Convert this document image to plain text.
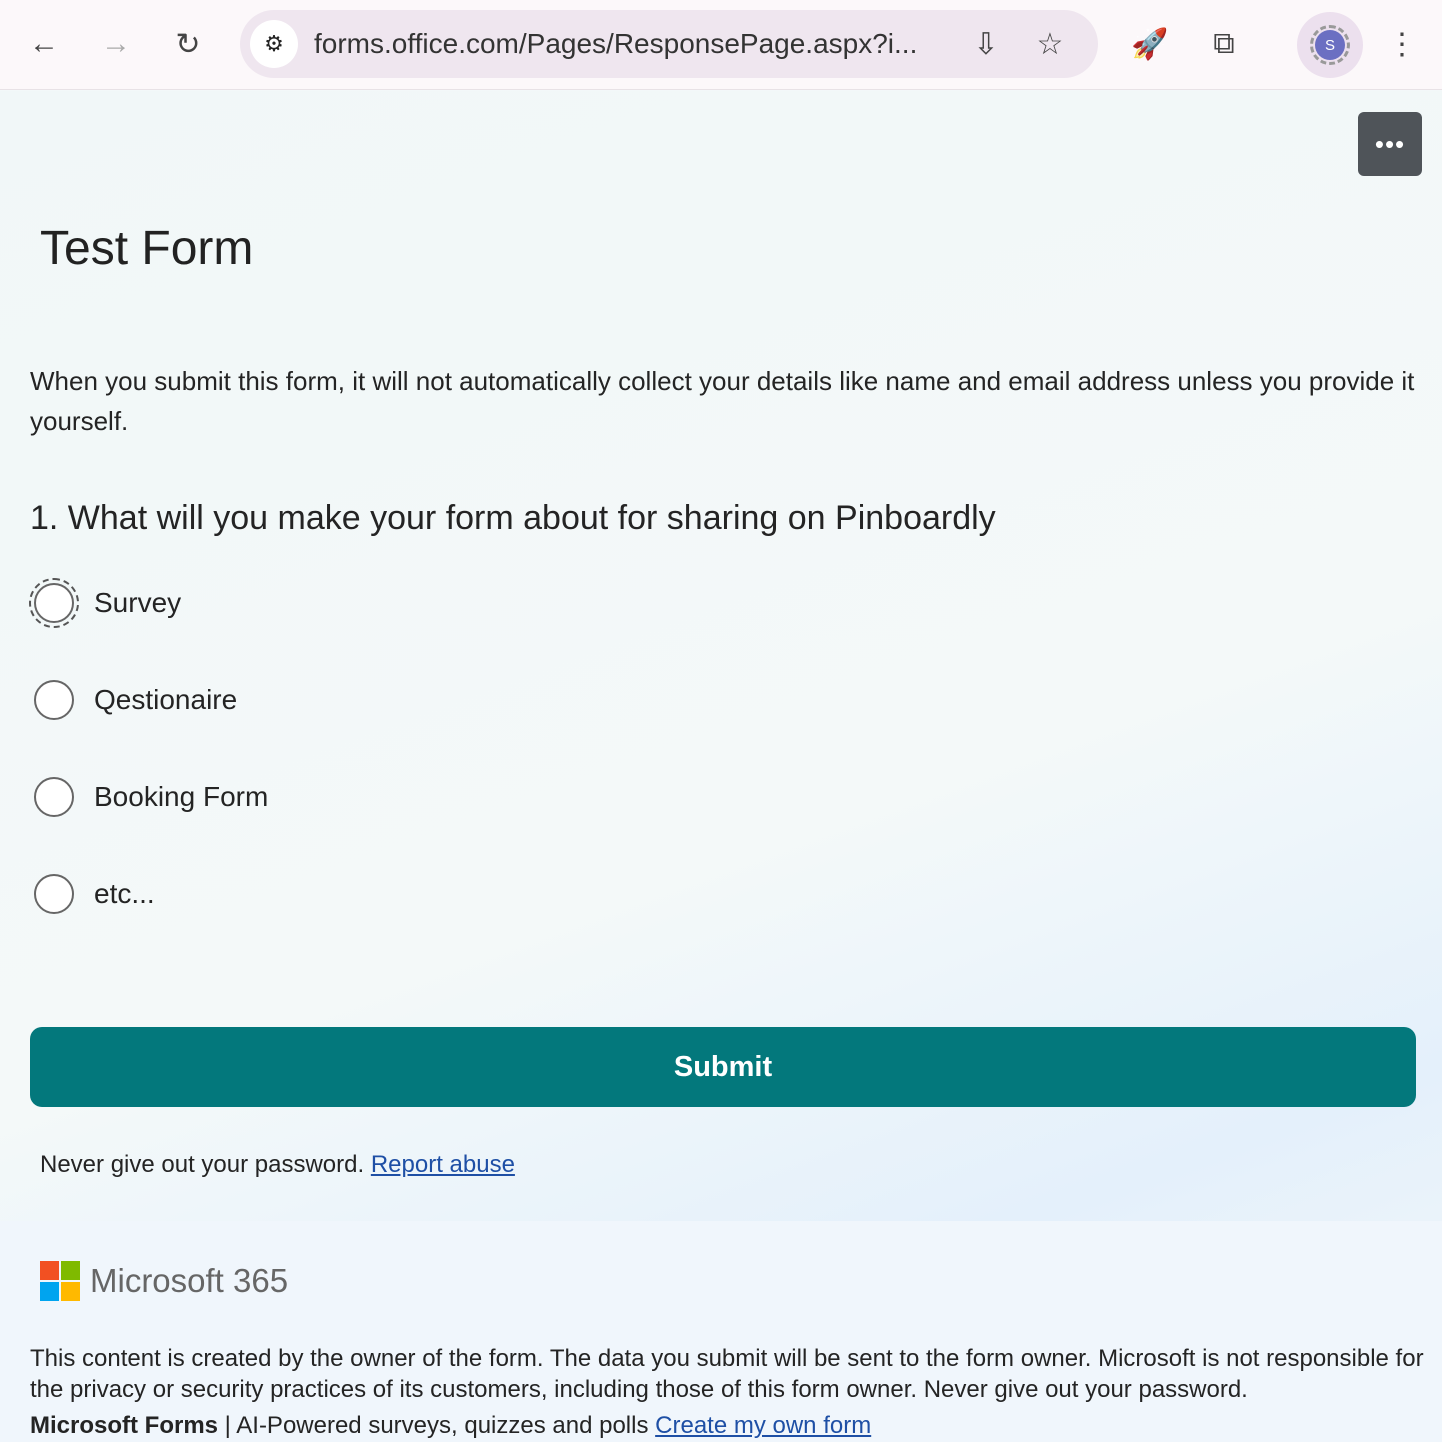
← →	↻	⚙	forms.office.com/Pages/ResponsePage.aspx?i...	⇩	☆ 🚀	⧉	S	⋮
•••
Test Form
When you submit this form, it will not automatically collect your details like name and email address unless you provide it yourself.
1. What will you make your form about for sharing on Pinboardly
Survey
Qestionaire
Booking Form
etc...
Submit
Never give out your password. Report abuse
Microsoft 365
This content is created by the owner of the form. The data you submit will be sent to the form owner. Microsoft is not responsible for the privacy or security practices of its customers, including those of this form owner. Never give out your password.
Microsoft Forms | AI-Powered surveys, quizzes and polls Create my own form
